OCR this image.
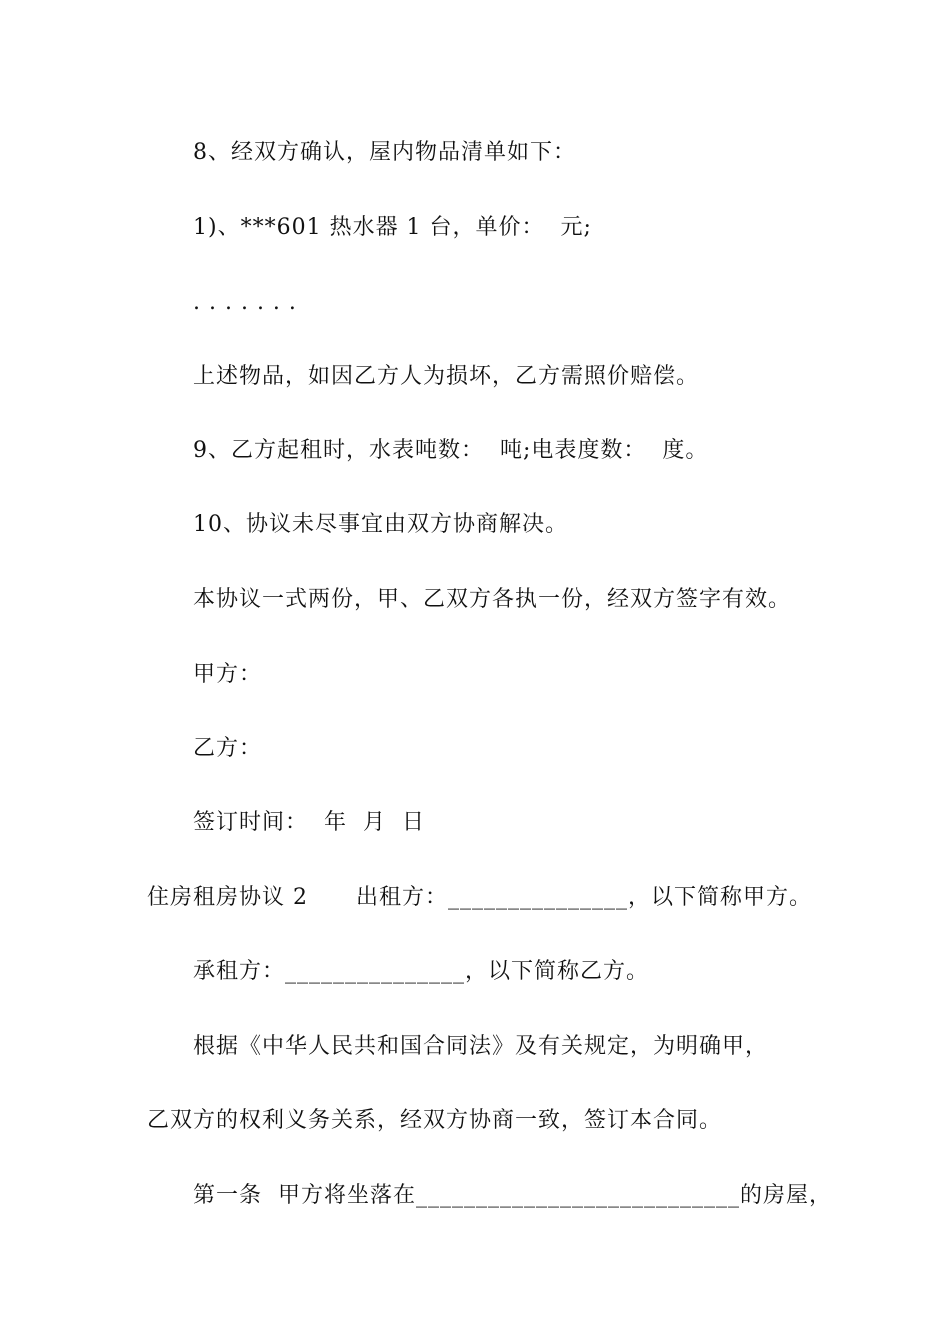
8、经双方确认，屋内物品清单如下：
1)、***601 热水器 1 台，单价：  元;
. . . . . . .
上述物品，如因乙方人为损坏，乙方需照价赔偿。
9、乙方起租时，水表吨数：  吨;电表度数：  度。
10、协议未尽事宜由双方协商解决。
本协议一式两份，甲、乙双方各执一份，经双方签字有效。
甲方：
乙方：
签订时间：  年  月  日
住房租房协议 2      出租方：_______________，以下简称甲方。
承租方：_______________，以下简称乙方。
根据《中华人民共和国合同法》及有关规定，为明确甲，
乙双方的权利义务关系，经双方协商一致，签订本合同。
第一条  甲方将坐落在___________________________的房屋，
